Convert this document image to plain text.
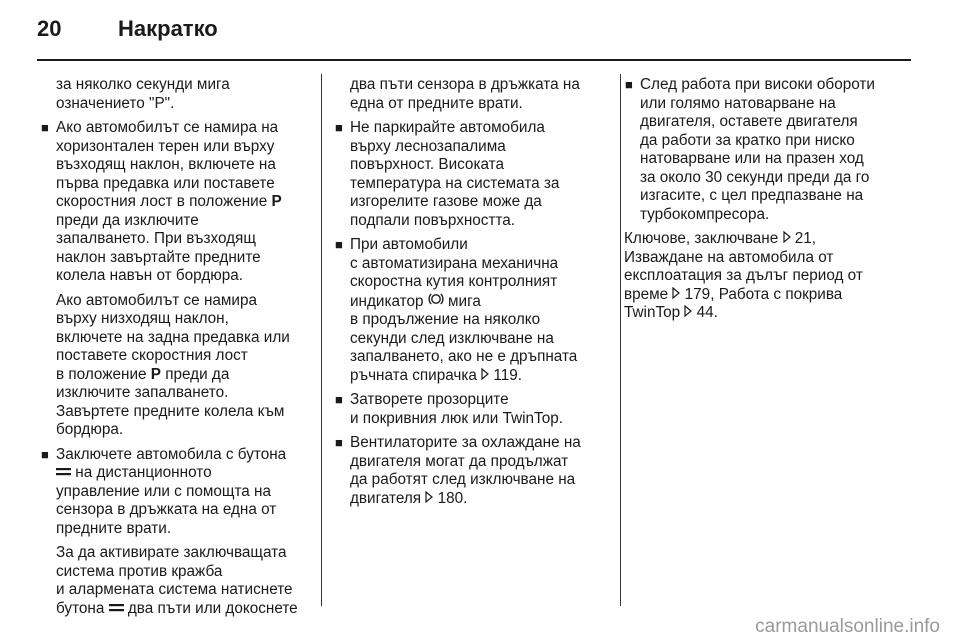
20	Накратко
за няколко секунди мига
означението "P".
■ Ако автомобилът се намира на
хоризонтален терен или върху
възходящ наклон, включете на
първа предавка или поставете
скоростния лост в положение P
преди да изключите
запалването. При възходящ
наклон завъртайте предните
колела навън от бордюра.
Ако автомобилът се намира
върху низходящ наклон,
включете на задна предавка или
поставете скоростния лост
в положение P преди да
изключите запалването.
Завъртете предните колела към
бордюра.
■ Заключете автомобила с бутона
на дистанционното
управление или с помощта на
сензора в дръжката на една от
предните врати.
За да активирате заключващата
система против кражба
и алармената система натиснете
бутона  два пъти или докоснете
два пъти сензора в дръжката на
една от предните врати.
■ Не паркирайте автомобила
върху леснозапалима
повърхност. Високата
температура на системата за
изгорелите газове може да
подпали повърхността.
■ При автомобили
с автоматизирана механична
скоростна кутия контролният
индикатор  мига
в продължение на няколко
секунди след изключване на
запалването, ако не е дръпната
ръчната спирачка  119.
■ Затворете прозорците
и покривния люк или TwinTop.
■ Вентилаторите за охлаждане на
двигателя могат да продължат
да работят след изключване на
двигателя  180.
■ След работа при високи обороти
или голямо натоварване на
двигателя, оставете двигателя
да работи за кратко при ниско
натоварване или на празен ход
за около 30 секунди преди да го
изгасите, с цел предпазване на
турбокомпресора.
Ключове, заключване  21,
Изваждане на автомобила от
експлоатация за дълъг период от
време  179, Работа с покрива
TwinTop  44.
carmanualsonline.info
